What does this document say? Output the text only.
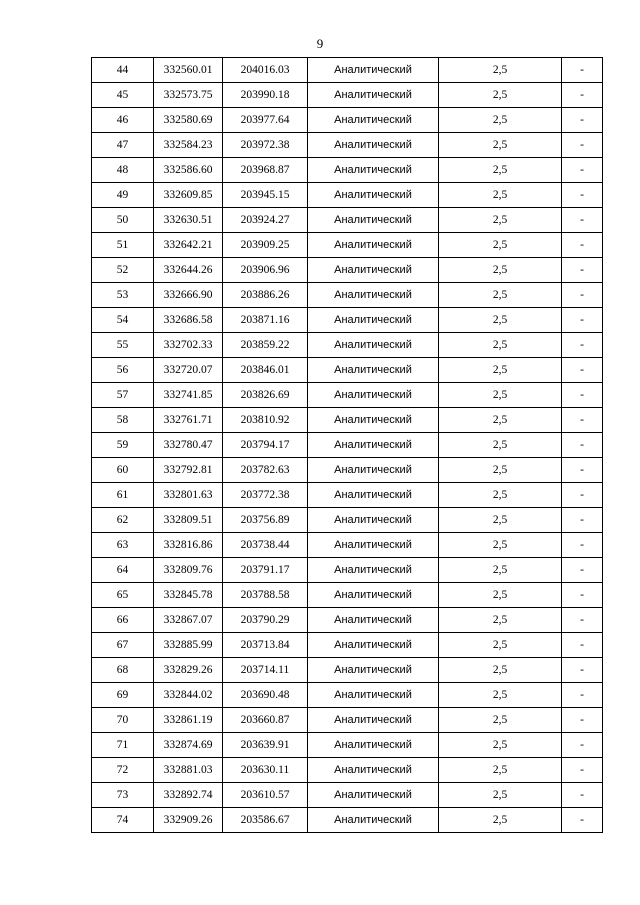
9
44	332560.01	204016.03	Аналитический	2,5	-
45	332573.75	203990.18	Аналитический	2,5	-
46	332580.69	203977.64	Аналитический	2,5	-
47	332584.23	203972.38	Аналитический	2,5	-
48	332586.60	203968.87	Аналитический	2,5	-
49	332609.85	203945.15	Аналитический	2,5	-
50	332630.51	203924.27	Аналитический	2,5	-
51	332642.21	203909.25	Аналитический	2,5	-
52	332644.26	203906.96	Аналитический	2,5	-
53	332666.90	203886.26	Аналитический	2,5	-
54	332686.58	203871.16	Аналитический	2,5	-
55	332702.33	203859.22	Аналитический	2,5	-
56	332720.07	203846.01	Аналитический	2,5	-
57	332741.85	203826.69	Аналитический	2,5	-
58	332761.71	203810.92	Аналитический	2,5	-
59	332780.47	203794.17	Аналитический	2,5	-
60	332792.81	203782.63	Аналитический	2,5	-
61	332801.63	203772.38	Аналитический	2,5	-
62	332809.51	203756.89	Аналитический	2,5	-
63	332816.86	203738.44	Аналитический	2,5	-
64	332809.76	203791.17	Аналитический	2,5	-
65	332845.78	203788.58	Аналитический	2,5	-
66	332867.07	203790.29	Аналитический	2,5	-
67	332885.99	203713.84	Аналитический	2,5	-
68	332829.26	203714.11	Аналитический	2,5	-
69	332844.02	203690.48	Аналитический	2,5	-
70	332861.19	203660.87	Аналитический	2,5	-
71	332874.69	203639.91	Аналитический	2,5	-
72	332881.03	203630.11	Аналитический	2,5	-
73	332892.74	203610.57	Аналитический	2,5	-
74	332909.26	203586.67	Аналитический	2,5	-
